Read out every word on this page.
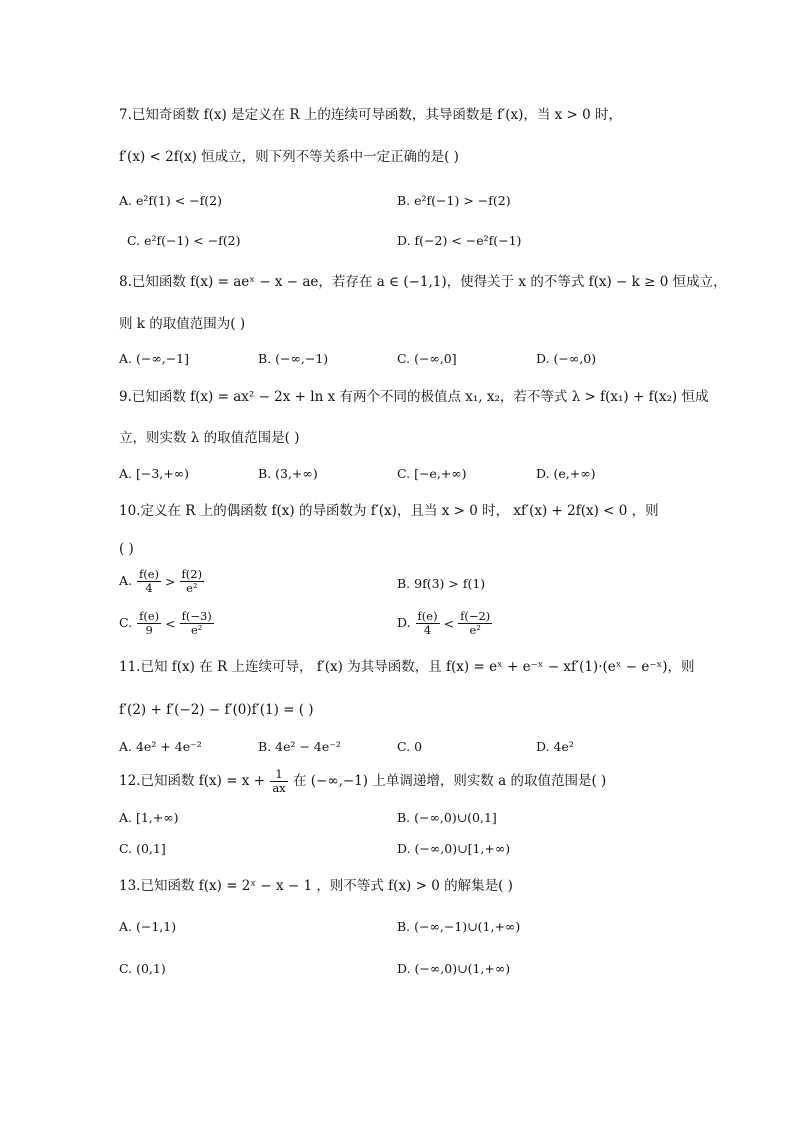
7.已知奇函数 f(x) 是定义在 R 上的连续可导函数，其导函数是 f′(x)，当 x > 0 时，
f′(x) < 2f(x) 恒成立，则下列不等关系中一定正确的是( )
A. e²f(1) < −f(2)	B. e²f(−1) > −f(2)
C. e²f(−1) < −f(2)	D. f(−2) < −e²f(−1)
8.已知函数 f(x) = aeˣ − x − ae，若存在 a ∈ (−1,1)，使得关于 x 的不等式 f(x) − k ≥ 0 恒成立，
则 k 的取值范围为( )
A. (−∞,−1]	B. (−∞,−1)	C. (−∞,0]	D. (−∞,0)
9.已知函数 f(x) = ax² − 2x + ln x 有两个不同的极值点 x₁, x₂，若不等式 λ > f(x₁) + f(x₂) 恒成
立，则实数 λ 的取值范围是( )
A. [−3,+∞)	B. (3,+∞)	C. [−e,+∞)	D. (e,+∞)
10.定义在 R 上的偶函数 f(x) 的导函数为 f′(x)，且当 x > 0 时， xf′(x) + 2f(x) < 0 ，则
( )
A. $\frac{f(e)}{4} > \frac{f(2)}{\text{e²}}$	B. 9f(3) > f(1)
C. $\frac{f(e)}{9} < \frac{f(-3)}{\text{e²}}$	D. $\frac{f(e)}{4} < \frac{f(-2)}{\text{e²}}$
11.已知 f(x) 在 R 上连续可导， f′(x) 为其导函数，且 f(x) = eˣ + e⁻ˣ − xf′(1)·(eˣ − e⁻ˣ)，则
f′(2) + f′(−2) − f′(0)f′(1) = ( )
A. 4e² + 4e⁻²	B. 4e² − 4e⁻²	C. 0	D. 4e²
12.已知函数 $f(x) = x + \frac{1}{ax}$ 在 (−∞,−1) 上单调递增，则实数 a 的取值范围是( )
A. [1,+∞)	B. (−∞,0)∪(0,1]
C. (0,1]	D. (−∞,0)∪[1,+∞)
13.已知函数 f(x) = 2ˣ − x − 1 ，则不等式 f(x) > 0 的解集是( )
A. (−1,1)	B. (−∞,−1)∪(1,+∞)
C. (0,1)	D. (−∞,0)∪(1,+∞)
